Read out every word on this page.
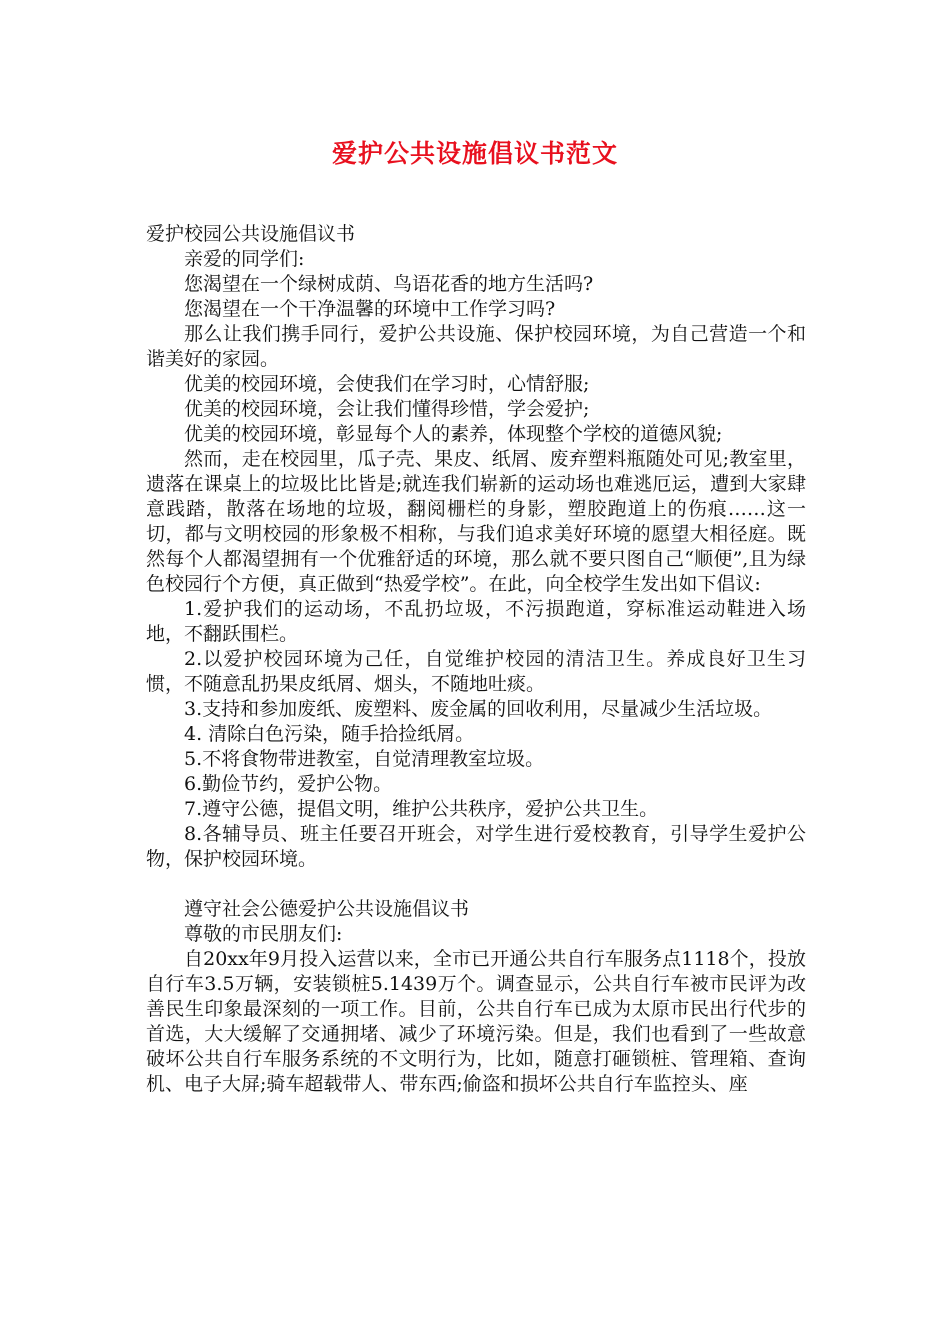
爱护公共设施倡议书范文

爱护校园公共设施倡议书

亲爱的同学们:

您渴望在一个绿树成荫、鸟语花香的地方生活吗?

您渴望在一个干净温馨的环境中工作学习吗?

那么让我们携手同行，爱护公共设施、保护校园环境，为自己营造一个和谐美好的家园。

优美的校园环境，会使我们在学习时，心情舒服;

优美的校园环境，会让我们懂得珍惜，学会爱护;

优美的校园环境，彰显每个人的素养，体现整个学校的道德风貌;

然而，走在校园里，瓜子壳、果皮、纸屑、废弃塑料瓶随处可见;教室里，遗落在课桌上的垃圾比比皆是;就连我们崭新的运动场也难逃厄运，遭到大家肆意践踏，散落在场地的垃圾，翻阅栅栏的身影，塑胶跑道上的伤痕……这一切，都与文明校园的形象极不相称，与我们追求美好环境的愿望大相径庭。既然每个人都渴望拥有一个优雅舒适的环境，那么就不要只图自己“顺便”,且为绿色校园行个方便，真正做到“热爱学校”。在此，向全校学生发出如下倡议:

1.爱护我们的运动场，不乱扔垃圾，不污损跑道，穿标准运动鞋进入场地，不翻跃围栏。

2.以爱护校园环境为己任，自觉维护校园的清洁卫生。养成良好卫生习惯，不随意乱扔果皮纸屑、烟头，不随地吐痰。

3.支持和参加废纸、废塑料、废金属的回收利用，尽量减少生活垃圾。

4. 清除白色污染，随手拾捡纸屑。

5.不将食物带进教室，自觉清理教室垃圾。

6.勤俭节约，爱护公物。

7.遵守公德，提倡文明，维护公共秩序，爱护公共卫生。

8.各辅导员、班主任要召开班会，对学生进行爱校教育，引导学生爱护公物，保护校园环境。

遵守社会公德爱护公共设施倡议书

尊敬的市民朋友们:

自20xx年9月投入运营以来，全市已开通公共自行车服务点1118个，投放自行车3.5万辆，安装锁桩5.1439万个。调查显示，公共自行车被市民评为改善民生印象最深刻的一项工作。目前，公共自行车已成为太原市民出行代步的首选，大大缓解了交通拥堵、减少了环境污染。但是，我们也看到了一些故意破坏公共自行车服务系统的不文明行为，比如，随意打砸锁桩、管理箱、查询机、电子大屏;骑车超载带人、带东西;偷盗和损坏公共自行车监控头、座
